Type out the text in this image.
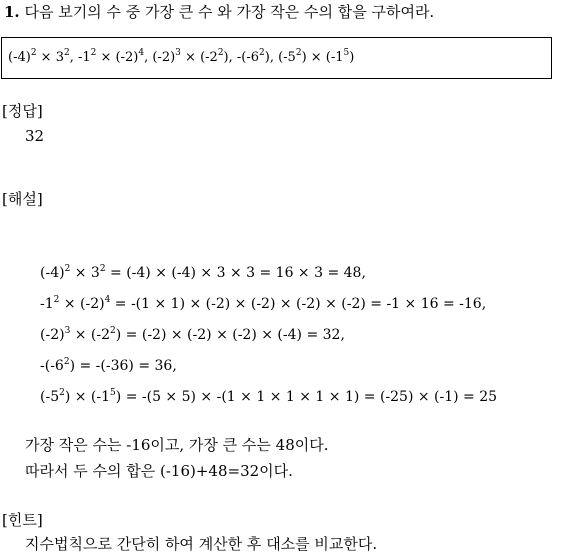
1. 다음 보기의 수 중 가장 큰 수 와 가장 작은 수의 합을 구하여라.
$(-4)^2 \times 3^2$, $-1^2 \times (-2)^4$, $(-2)^3 \times (-2^2)$, $-(-6^2)$, $(-5^2) \times (-1^5)$
[정답]
32
[해설]
$(-4)^2 \times 3^2 = (-4) \times (-4) \times 3 \times 3 = 16 \times 3 = 48$,
$-1^2 \times (-2)^4 = -(1 \times 1) \times (-2) \times (-2) \times (-2) \times (-2) = -1 \times 16 = -16$,
$(-2)^3 \times (-2^2) = (-2) \times (-2) \times (-2) \times (-4) = 32$,
$-(-6^2) = -(-36) = 36$,
$(-5^2) \times (-1^5) = -(5 \times 5) \times -(1 \times 1 \times 1 \times 1 \times 1) = (-25) \times (-1) = 25$
가장 작은 수는 -16이고, 가장 큰 수는 48이다.
따라서 두 수의 합은 (-16)+48=32이다.
[힌트]
지수법칙으로 간단히 하여 계산한 후 대소를 비교한다.
